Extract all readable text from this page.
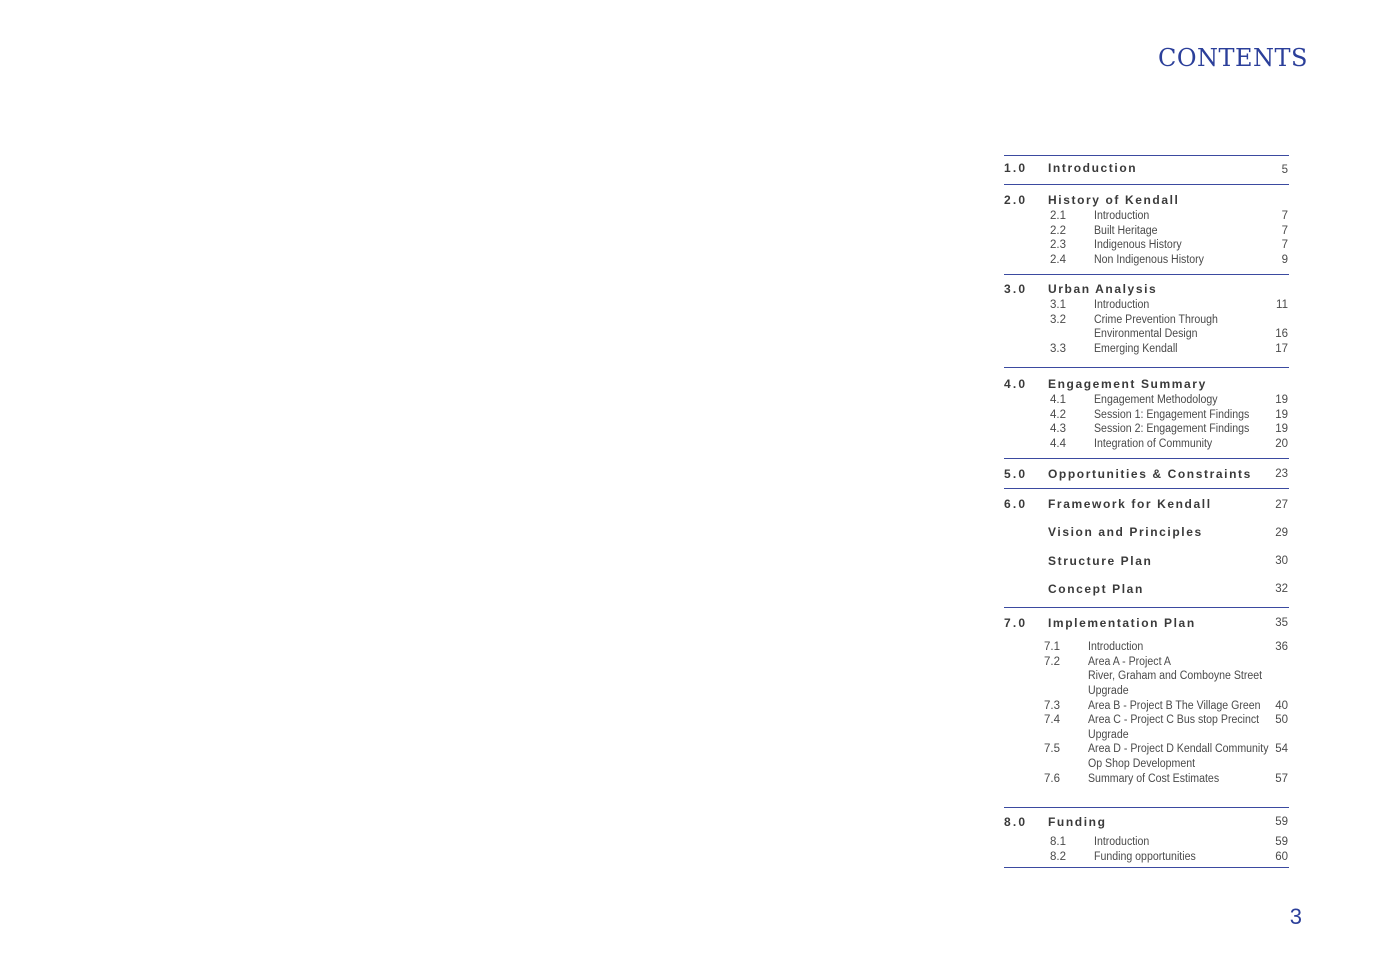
CONTENTS
1.0 Introduction	5
2.0 History of Kendall
2.1 Introduction	7
2.2 Built Heritage	7
2.3 Indigenous History	7
2.4 Non Indigenous History	9
3.0 Urban Analysis
3.1 Introduction	11
3.2 Crime Prevention Through
Environmental Design	16
3.3 Emerging Kendall	17
4.0 Engagement Summary
4.1 Engagement Methodology	19
4.2 Session 1: Engagement Findings	19
4.3 Session 2: Engagement Findings	19
4.4 Integration of Community	20
5.0 Opportunities & Constraints	23
6.0 Framework for Kendall	27
Vision and Principles	29
Structure Plan	30
Concept Plan	32
7.0 Implementation Plan	35
7.1 Introduction	36
7.2 Area A - Project A
River, Graham and Comboyne Street
Upgrade
7.3 Area B - Project B The Village Green	40
7.4 Area C - Project C Bus stop Precinct	50
Upgrade
7.5 Area D - Project D Kendall Community 54
Op Shop Development
7.6 Summary of Cost Estimates	57
8.0 Funding	59
8.1 Introduction	59
8.2 Funding opportunities	60
3
